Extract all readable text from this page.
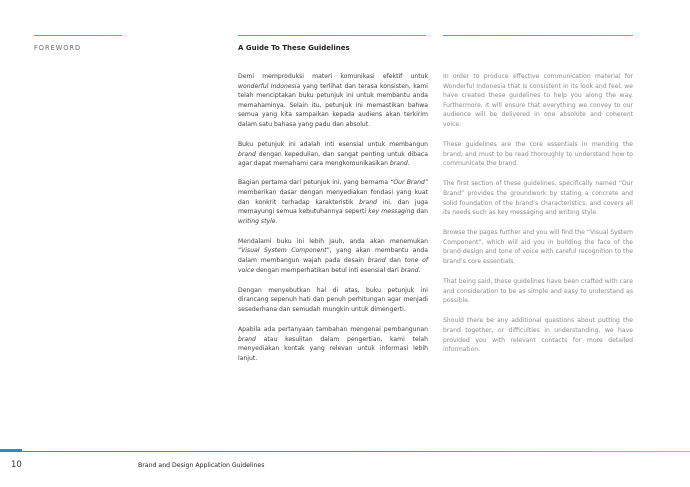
FOREWORD	A Guide To These Guidelines

Demi memproduksi materi komunikasi efektif untuk wonderful Indonesia yang terlihat dan terasa konsisten, kami telah menciptakan buku petunjuk ini untuk membantu anda memahaminya. Selain itu, petunjuk ini memastikan bahwa semua yang kita sampaikan kepada audiens akan terkirim dalam satu bahasa yang padu dan absolut.

Buku petunjuk ini adalah inti esensial untuk membangun brand dengan kepedulian, dan sangat penting untuk dibaca agar dapat memahami cara mengkomunikasikan brand.

Bagian pertama dari petunjuk ini, yang bernama “Our Brand” memberikan dasar dengan menyediakan fondasi yang kuat dan konkrit terhadap karakteristik brand ini, dan juga memayungi semua kebutuhannya seperti key messaging dan writing style.

Mendalami buku ini lebih jauh, anda akan menemukan “Visual System Component”, yang akan membantu anda dalam membangun wajah pada desain brand dan tone of voice dengan memperhatikan betul inti esensial dari brand.

Dengan menyebutkan hal di atas, buku petunjuk ini dirancang sepenuh hati dan penuh perhitungan agar menjadi sesederhana dan semudah mungkin untuk dimengerti.

Apabila ada pertanyaan tambahan mengenai pembangunan brand atau kesulitan dalam pengertian, kami telah menyediakan kontak yang relevan untuk informasi lebih lanjut.

In order to produce effective communication material for Wonderful Indonesia that is consistent in its look and feel, we have created these guidelines to help you along the way. Furthermore, it will ensure that everything we convey to our audience will be delivered in one absolute and coherent voice.

These guidelines are the core essentials in mending the brand, and must to be read thoroughly to understand how to communicate the brand.

The first section of these guidelines, specifically named “Our Brand” provides the groundwork by stating a concrete and solid foundation of the brand’s characteristics, and covers all its needs such as key messaging and writing style.

Browse the pages further and you will find the “Visual System Component”, which will aid you in building the face of the brand design and tone of voice with careful recognition to the brand’s core essentials.

That being said, these guidelines have been crafted with care and consideration to be as simple and easy to understand as possible.

Should there be any additional questions about putting the brand together, or difficulties in understanding, we have provided you with relevant contacts for more detailed information.

10	Brand and Design Application Guidelines
